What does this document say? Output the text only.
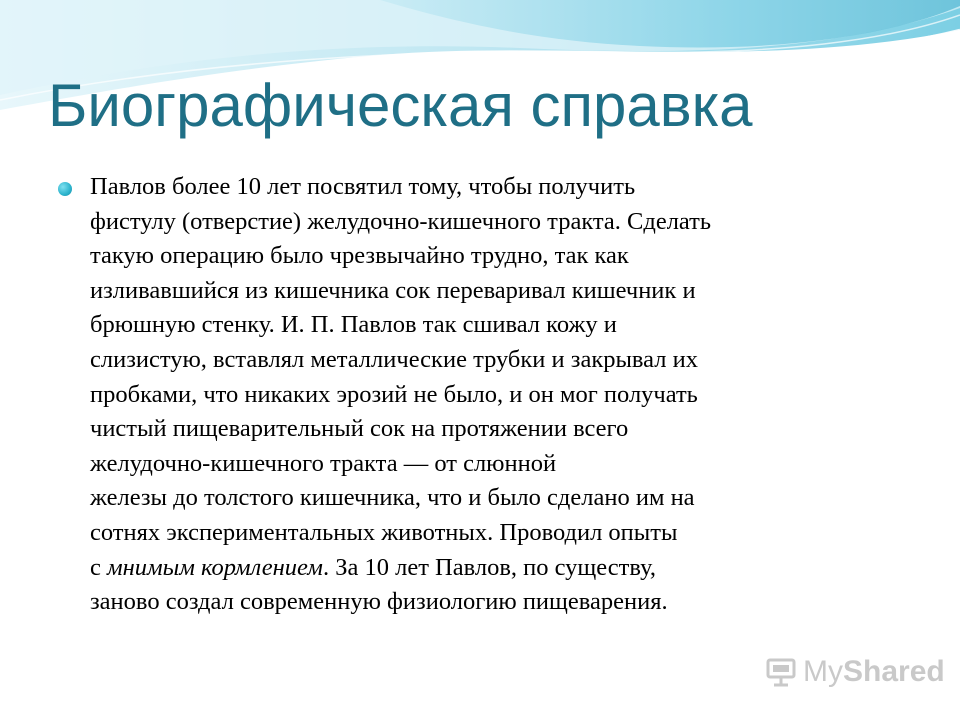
Биографическая справка
Павлов более 10 лет посвятил тому, чтобы получить
фистулу (отверстие) желудочно-кишечного тракта. Сделать
такую операцию было чрезвычайно трудно, так как
изливавшийся из кишечника сок переваривал кишечник и
брюшную стенку. И. П. Павлов так сшивал кожу и
слизистую, вставлял металлические трубки и закрывал их
пробками, что никаких эрозий не было, и он мог получать
чистый пищеварительный сок на протяжении всего
желудочно-кишечного тракта — от слюнной
железы до толстого кишечника, что и было сделано им на
сотнях экспериментальных животных. Проводил опыты
с мнимым кормлением. За 10 лет Павлов, по существу,
заново создал современную физиологию пищеварения.
MyShared
